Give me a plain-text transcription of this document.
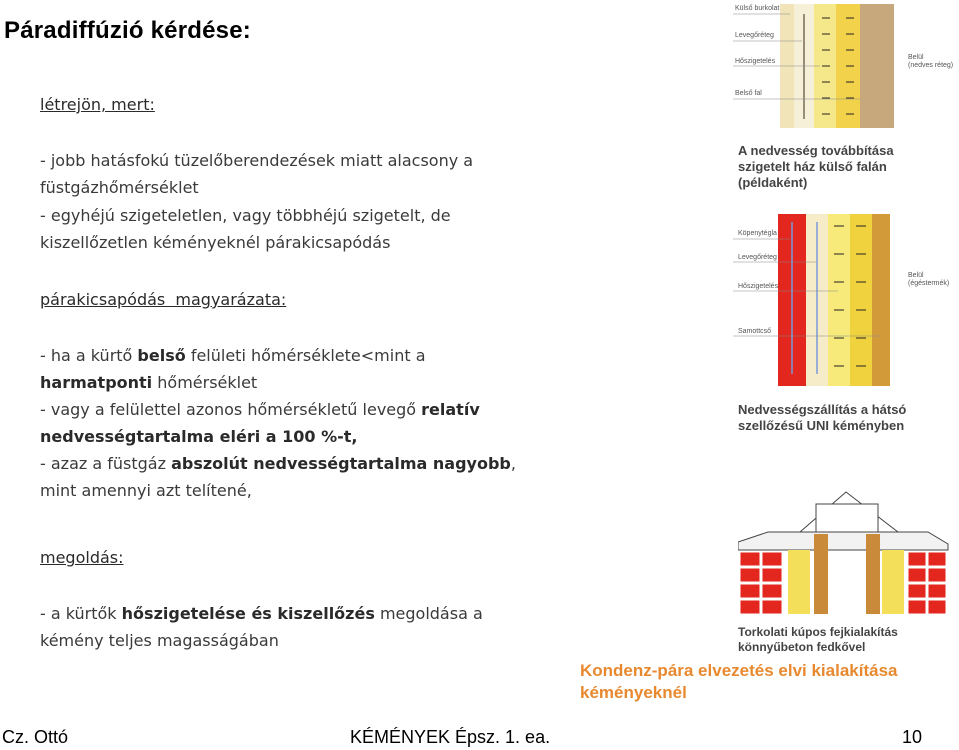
Páradiffúzió kérdése:
létrejön, mert:
- jobb hatásfokú tüzelőberendezések miatt alacsony a füstgázhőmérséklet
- egyhéjú szigeteletlen, vagy többhéjú szigetelt, de kiszellőzetlen kéményeknél párakicsapódás
párakicsapódás  magyarázata:
- ha a kürtő belső felületi hőmérséklete<mint a
harmatponti hőmérséklet
- vagy a felülettel azonos hőmérsékletű levegő relatív
nedvességtartalma eléri a 100 %-t,
- azaz a füstgáz abszolút nedvességtartalma nagyobb,
mint amennyi azt telítené,
megoldás:
- a kürtők hőszigetelése és kiszellőzés megoldása a
kémény teljes magasságában
Külső burkolat
Levegőréteg
Hőszigetelés
Belső fal
Belül
(nedves réteg)
A nedvesség továbbítása
szigetelt ház külső falán
(példaként)
Köpenytégla
Levegőréteg
Hőszigetelés
Samottcső
Belül
(égéstermék)
Nedvességszállítás a hátsó
szellőzésű UNI kéményben
Torkolati kúpos fejkialakítás
könnyűbeton fedkővel
Kondenz-pára elvezetés elvi kialakítása
kéményeknél
Cz. Ottó	KÉMÉNYEK Épsz. 1. ea.	10
